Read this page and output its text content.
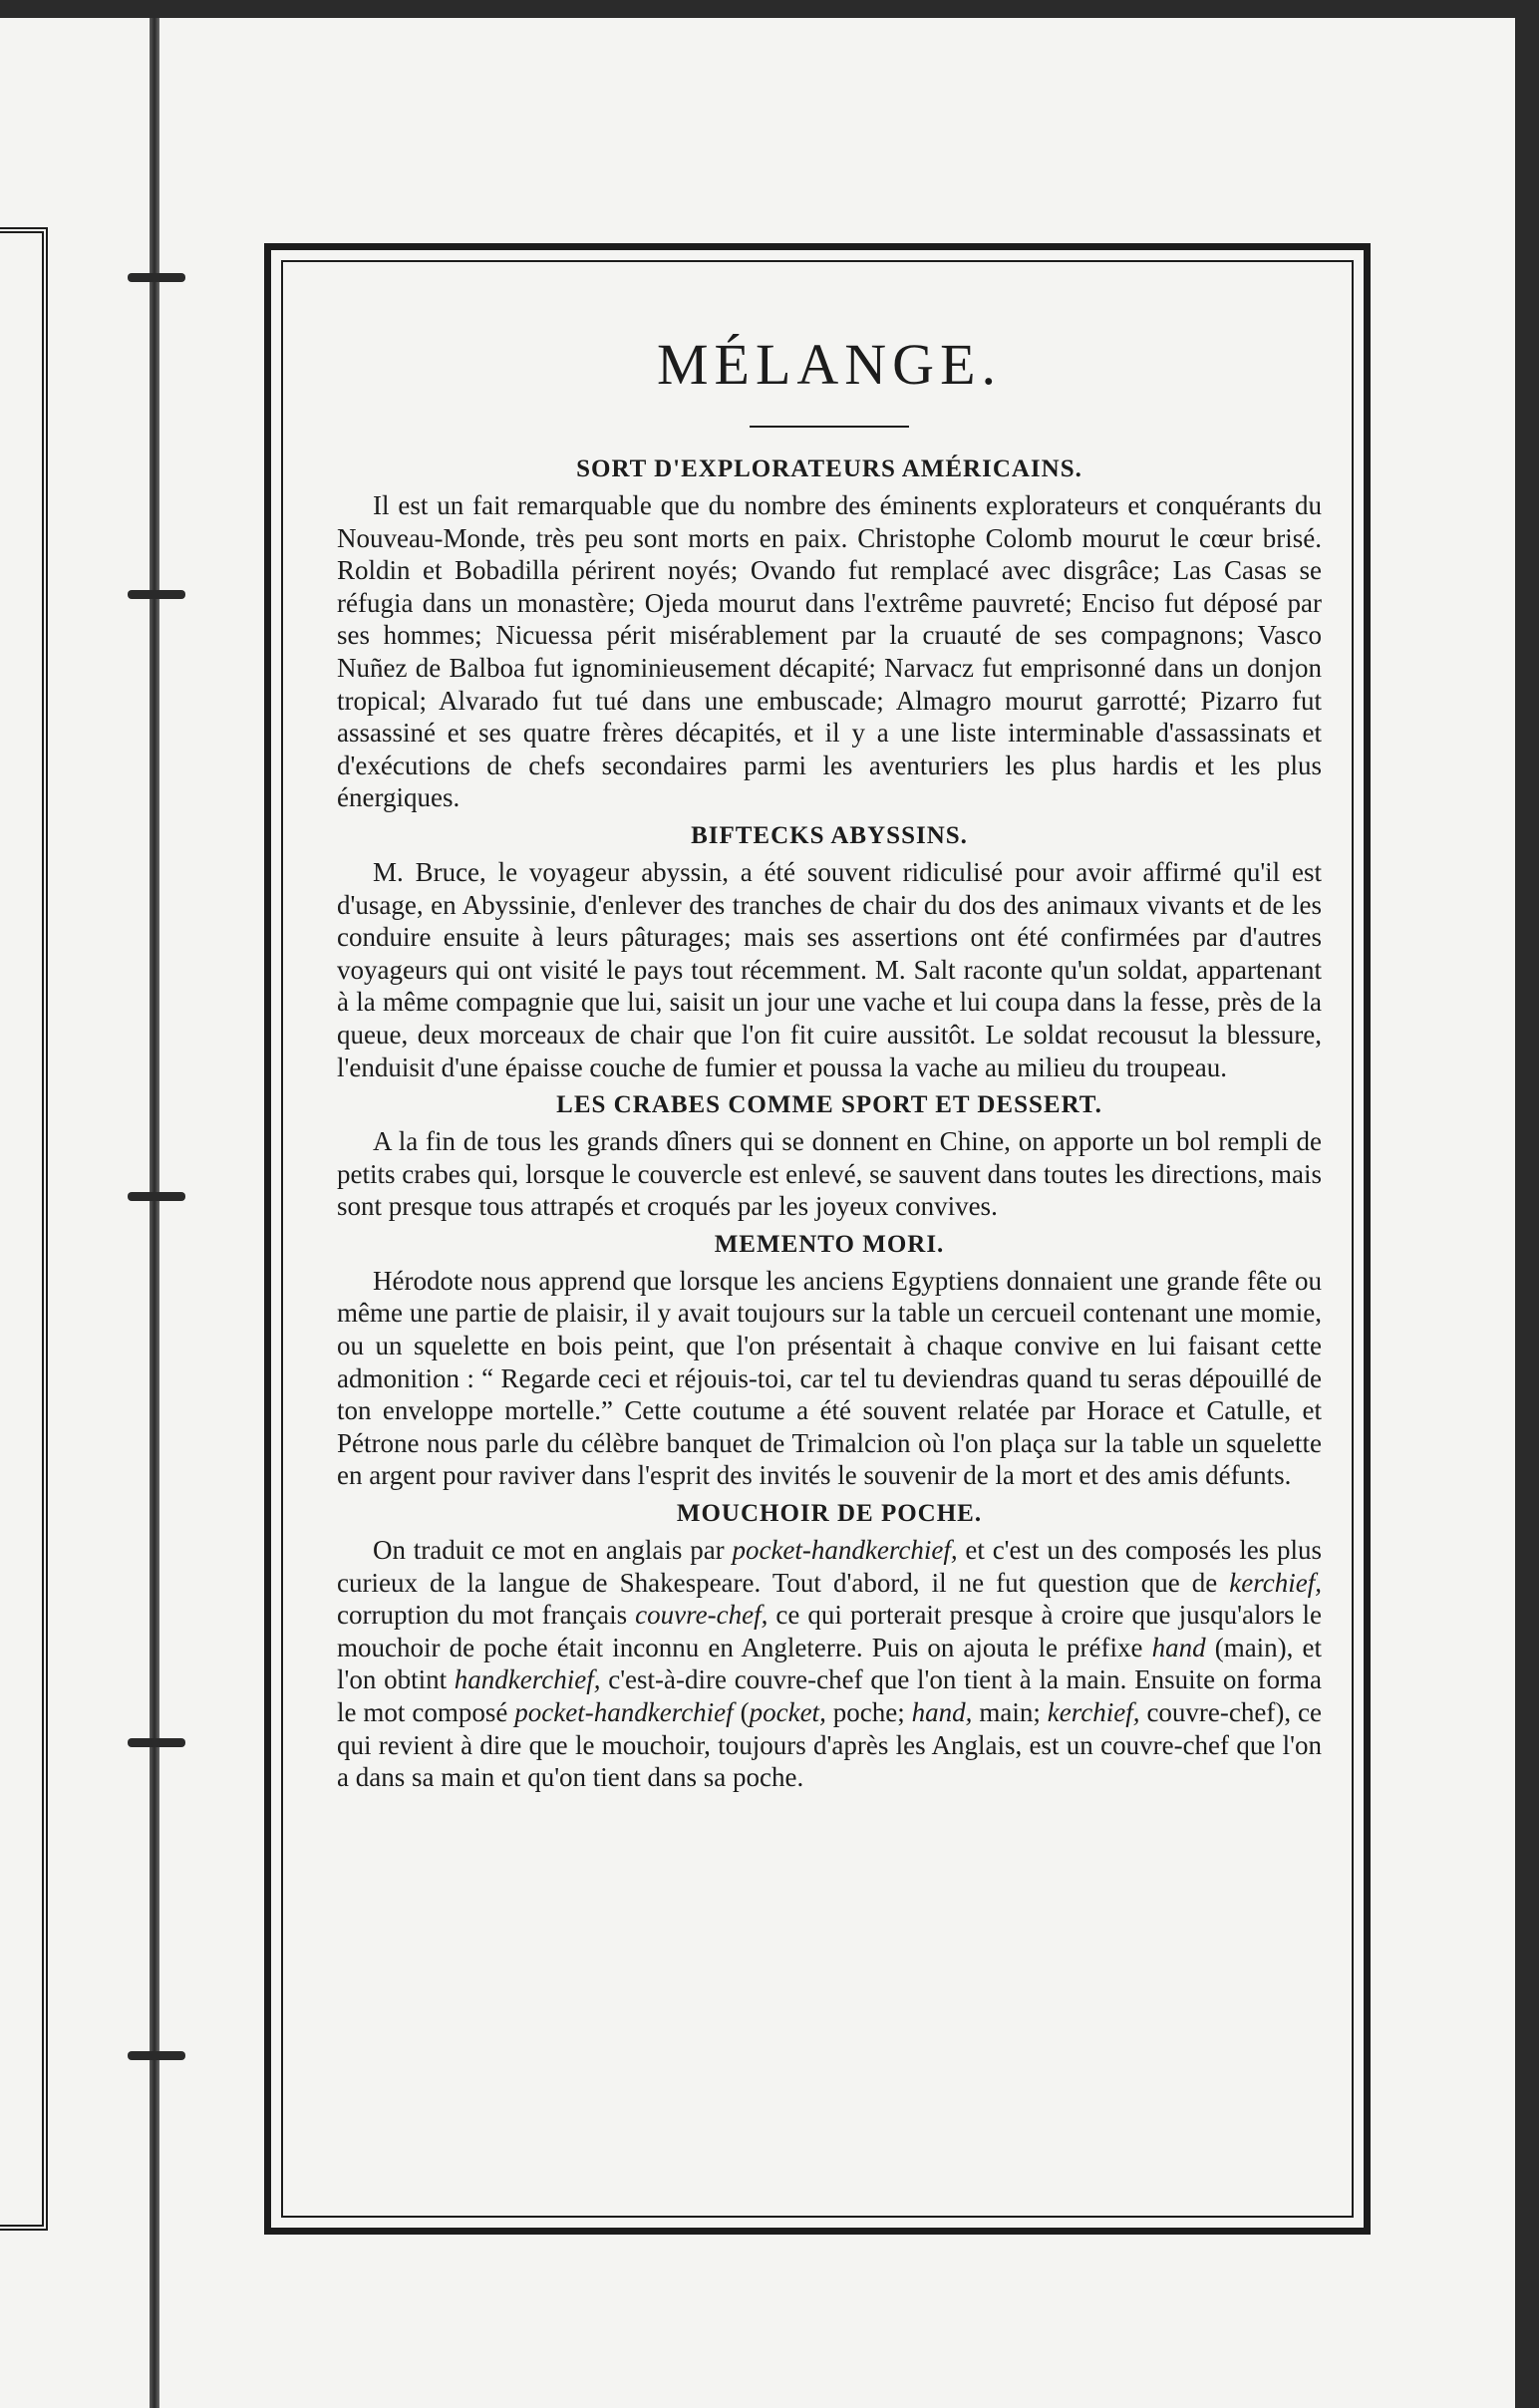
MÉLANGE.
SORT D'EXPLORATEURS AMÉRICAINS.

Il est un fait remarquable que du nombre des éminents explorateurs et conquérants du Nouveau-Monde, très peu sont morts en paix. Christophe Colomb mourut le cœur brisé. Roldin et Bobadilla périrent noyés; Ovando fut remplacé avec disgrâce; Las Casas se réfugia dans un monastère; Ojeda mourut dans l'extrême pauvreté; Enciso fut déposé par ses hommes; Nicuessa périt misérablement par la cruauté de ses compagnons; Vasco Nuñez de Balboa fut ignominieusement décapité; Narvacz fut emprisonné dans un donjon tropical; Alvarado fut tué dans une embuscade; Almagro mourut garrotté; Pizarro fut assassiné et ses quatre frères décapités, et il y a une liste interminable d'assassinats et d'exécutions de chefs secondaires parmi les aventuriers les plus hardis et les plus énergiques.

BIFTECKS ABYSSINS.

M. Bruce, le voyageur abyssin, a été souvent ridiculisé pour avoir affirmé qu'il est d'usage, en Abyssinie, d'enlever des tranches de chair du dos des animaux vivants et de les conduire ensuite à leurs pâturages; mais ses assertions ont été confirmées par d'autres voyageurs qui ont visité le pays tout récemment. M. Salt raconte qu'un soldat, appartenant à la même compagnie que lui, saisit un jour une vache et lui coupa dans la fesse, près de la queue, deux morceaux de chair que l'on fit cuire aussitôt. Le soldat recousut la blessure, l'enduisit d'une épaisse couche de fumier et poussa la vache au milieu du troupeau.

LES CRABES COMME SPORT ET DESSERT.

A la fin de tous les grands dîners qui se donnent en Chine, on apporte un bol rempli de petits crabes qui, lorsque le couvercle est enlevé, se sauvent dans toutes les directions, mais sont presque tous attrapés et croqués par les joyeux convives.

MEMENTO MORI.

Hérodote nous apprend que lorsque les anciens Egyptiens donnaient une grande fête ou même une partie de plaisir, il y avait toujours sur la table un cercueil contenant une momie, ou un squelette en bois peint, que l'on présentait à chaque convive en lui faisant cette admonition : “ Regarde ceci et réjouis-toi, car tel tu deviendras quand tu seras dépouillé de ton enveloppe mortelle.” Cette coutume a été souvent relatée par Horace et Catulle, et Pétrone nous parle du célèbre banquet de Trimalcion où l'on plaça sur la table un squelette en argent pour raviver dans l'esprit des invités le souvenir de la mort et des amis défunts.

MOUCHOIR DE POCHE.

On traduit ce mot en anglais par pocket-handkerchief, et c'est un des composés les plus curieux de la langue de Shakespeare. Tout d'abord, il ne fut question que de kerchief, corruption du mot français couvre-chef, ce qui porterait presque à croire que jusqu'alors le mouchoir de poche était inconnu en Angleterre. Puis on ajouta le préfixe hand (main), et l'on obtint handkerchief, c'est-à-dire couvre-chef que l'on tient à la main. Ensuite on forma le mot composé pocket-handkerchief (pocket, poche; hand, main; kerchief, couvre-chef), ce qui revient à dire que le mouchoir, toujours d'après les Anglais, est un couvre-chef que l'on a dans sa main et qu'on tient dans sa poche.
